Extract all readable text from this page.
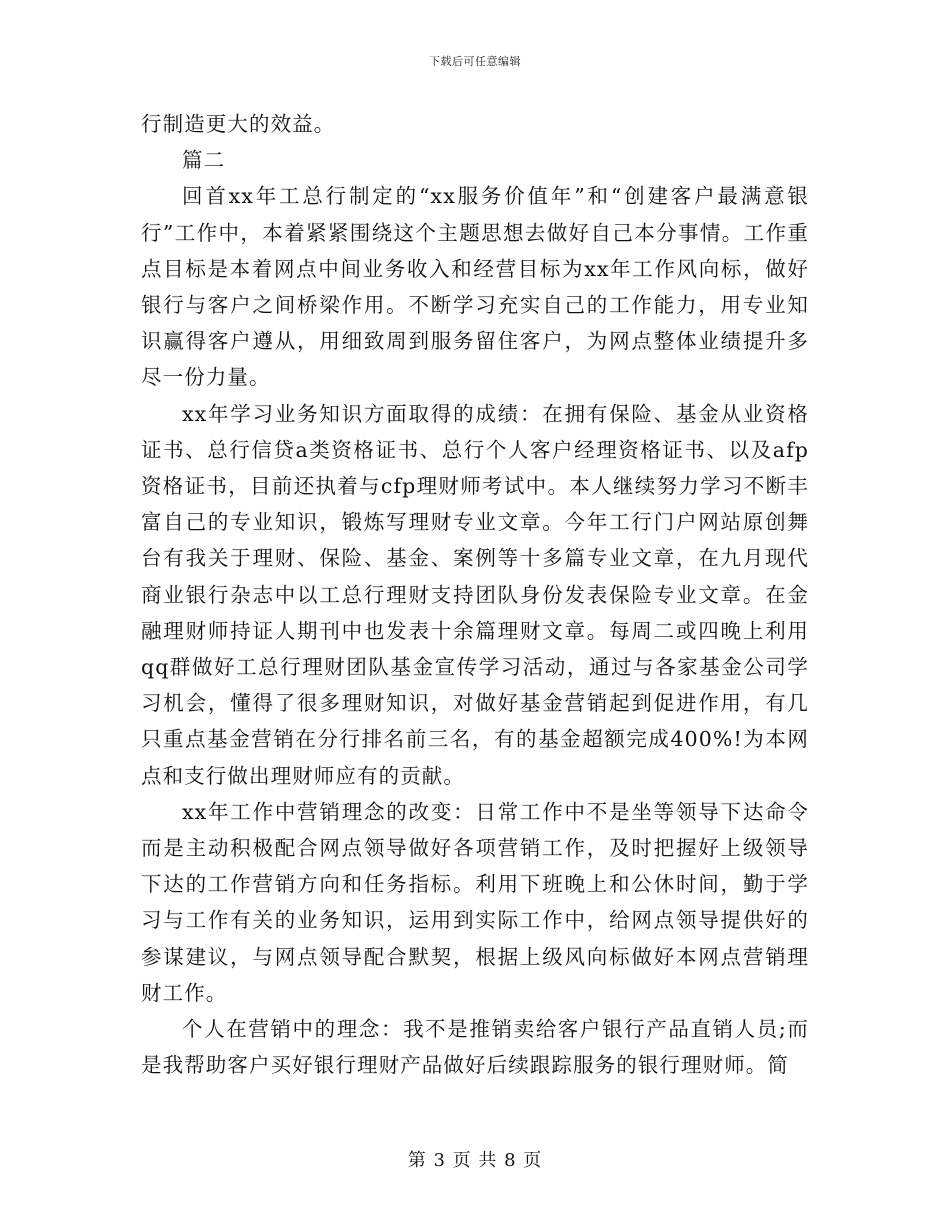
下载后可任意编辑

行制造更大的效益。

篇二

回首xx年工总行制定的“xx服务价值年”和“创建客户最满意银行”工作中，本着紧紧围绕这个主题思想去做好自己本分事情。工作重点目标是本着网点中间业务收入和经营目标为xx年工作风向标，做好银行与客户之间桥梁作用。不断学习充实自己的工作能力，用专业知识赢得客户遵从，用细致周到服务留住客户，为网点整体业绩提升多尽一份力量。

xx年学习业务知识方面取得的成绩：在拥有保险、基金从业资格证书、总行信贷a类资格证书、总行个人客户经理资格证书、以及afp资格证书，目前还执着与cfp理财师考试中。本人继续努力学习不断丰富自己的专业知识，锻炼写理财专业文章。今年工行门户网站原创舞台有我关于理财、保险、基金、案例等十多篇专业文章，在九月现代商业银行杂志中以工总行理财支持团队身份发表保险专业文章。在金融理财师持证人期刊中也发表十余篇理财文章。每周二或四晚上利用qq群做好工总行理财团队基金宣传学习活动，通过与各家基金公司学习机会，懂得了很多理财知识，对做好基金营销起到促进作用，有几只重点基金营销在分行排名前三名，有的基金超额完成400%!为本网点和支行做出理财师应有的贡献。

xx年工作中营销理念的改变：日常工作中不是坐等领导下达命令而是主动积极配合网点领导做好各项营销工作，及时把握好上级领导下达的工作营销方向和任务指标。利用下班晚上和公休时间，勤于学习与工作有关的业务知识，运用到实际工作中，给网点领导提供好的参谋建议，与网点领导配合默契，根据上级风向标做好本网点营销理财工作。

个人在营销中的理念：我不是推销卖给客户银行产品直销人员;而是我帮助客户买好银行理财产品做好后续跟踪服务的银行理财师。简

第 3 页 共 8 页
